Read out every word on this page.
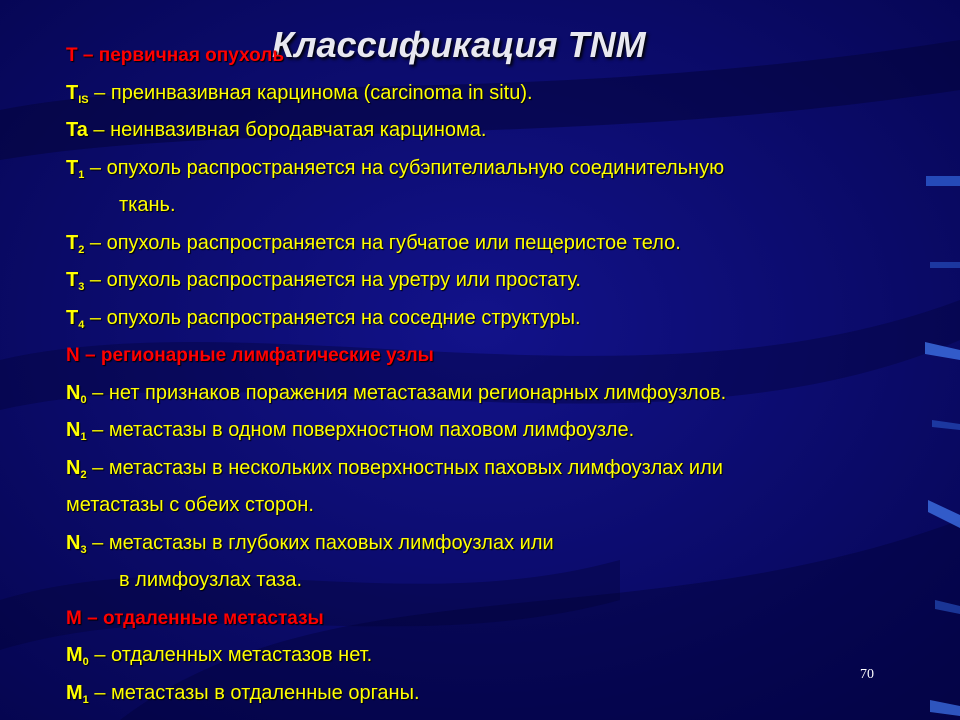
Классификация TNM
Т – первичная опухоль
$T_{IS}$ – преинвазивная карцинома (carcinoma in situ).
Ta – неинвазивная бородавчатая карцинома.
$T_1$ – опухоль распространяется на субэпителиальную соединительную
ткань.
$T_2$ – опухоль распространяется на губчатое или пещеристое тело.
$T_3$ – опухоль распространяется на уретру или простату.
$T_4$ – опухоль распространяется на соседние структуры.
N – регионарные лимфатические узлы
$N_0$ – нет признаков поражения метастазами регионарных лимфоузлов.
$N_1$ – метастазы в одном поверхностном паховом лимфоузле.
$N_2$ – метастазы в нескольких поверхностных паховых лимфоузлах или
метастазы с обеих сторон.
$N_3$ – метастазы в глубоких паховых лимфоузлах или
в лимфоузлах таза.
М – отдаленные метастазы
$M_0$ – отдаленных метастазов нет.
$M_1$ – метастазы в отдаленные органы.
70
